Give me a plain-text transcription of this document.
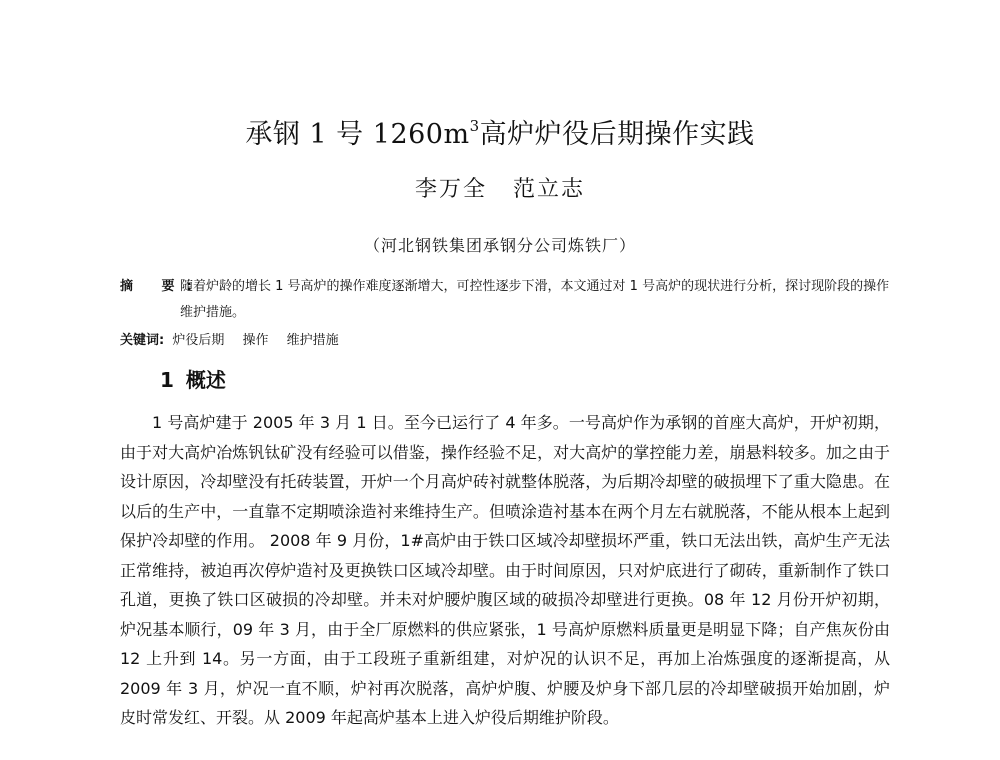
承钢 1 号 $1260m^3$高炉炉役后期操作实践
李万全 范立志
（河北钢铁集团承钢分公司炼铁厂）
摘 要:
随着炉龄的增长 1 号高炉的操作难度逐渐增大，可控性逐步下滑，本文通过对 1 号高炉的现状进行分析，探讨现阶段的操作维护措施。
关键词: 炉役后期 操作 维护措施
1 概述
1 号高炉建于 2005 年 3 月 1 日。至今已运行了 4 年多。一号高炉作为承钢的首座大高炉，开炉初期，由于对大高炉冶炼钒钛矿没有经验可以借鉴，操作经验不足，对大高炉的掌控能力差，崩悬料较多。加之由于设计原因，冷却壁没有托砖装置，开炉一个月高炉砖衬就整体脱落，为后期冷却壁的破损埋下了重大隐患。在以后的生产中，一直靠不定期喷涂造衬来维持生产。但喷涂造衬基本在两个月左右就脱落，不能从根本上起到保护冷却壁的作用。 2008 年 9 月份，1#高炉由于铁口区域冷却壁损坏严重，铁口无法出铁，高炉生产无法正常维持，被迫再次停炉造衬及更换铁口区域冷却壁。由于时间原因，只对炉底进行了砌砖，重新制作了铁口孔道，更换了铁口区破损的冷却壁。并未对炉腰炉腹区域的破损冷却壁进行更换。08 年 12 月份开炉初期，炉况基本顺行，09 年 3 月，由于全厂原燃料的供应紧张，1 号高炉原燃料质量更是明显下降；自产焦灰份由 12 上升到 14。另一方面，由于工段班子重新组建，对炉况的认识不足，再加上冶炼强度的逐渐提高，从 2009 年 3 月，炉况一直不顺，炉衬再次脱落，高炉炉腹、炉腰及炉身下部几层的冷却壁破损开始加剧，炉皮时常发红、开裂。从 2009 年起高炉基本上进入炉役后期维护阶段。
